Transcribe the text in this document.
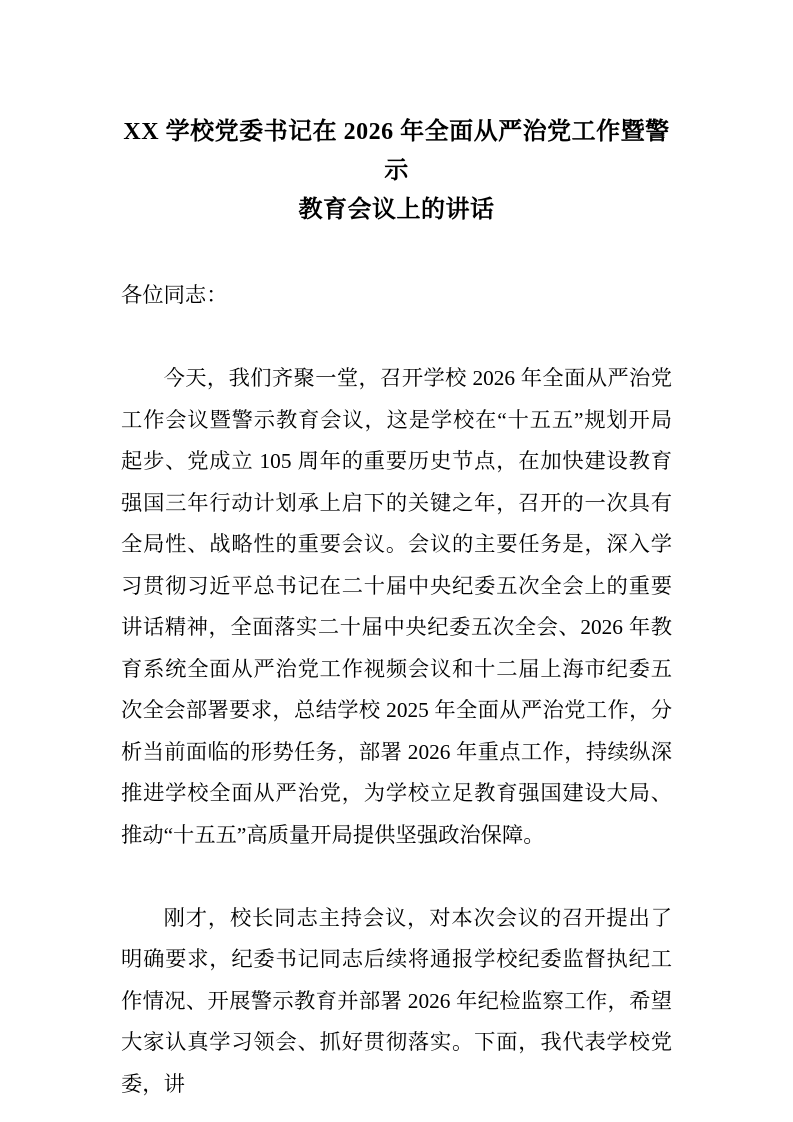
XX 学校党委书记在 2026 年全面从严治党工作暨警示
教育会议上的讲话

各位同志：

今天，我们齐聚一堂，召开学校 2026 年全面从严治党工作会议暨警示教育会议，这是学校在“十五五”规划开局起步、党成立 105 周年的重要历史节点，在加快建设教育强国三年行动计划承上启下的关键之年，召开的一次具有全局性、战略性的重要会议。会议的主要任务是，深入学习贯彻习近平总书记在二十届中央纪委五次全会上的重要讲话精神，全面落实二十届中央纪委五次全会、2026 年教育系统全面从严治党工作视频会议和十二届上海市纪委五次全会部署要求，总结学校 2025 年全面从严治党工作，分析当前面临的形势任务，部署 2026 年重点工作，持续纵深推进学校全面从严治党，为学校立足教育强国建设大局、推动“十五五”高质量开局提供坚强政治保障。

刚才，校长同志主持会议，对本次会议的召开提出了明确要求，纪委书记同志后续将通报学校纪委监督执纪工作情况、开展警示教育并部署 2026 年纪检监察工作，希望大家认真学习领会、抓好贯彻落实。下面，我代表学校党委，讲
